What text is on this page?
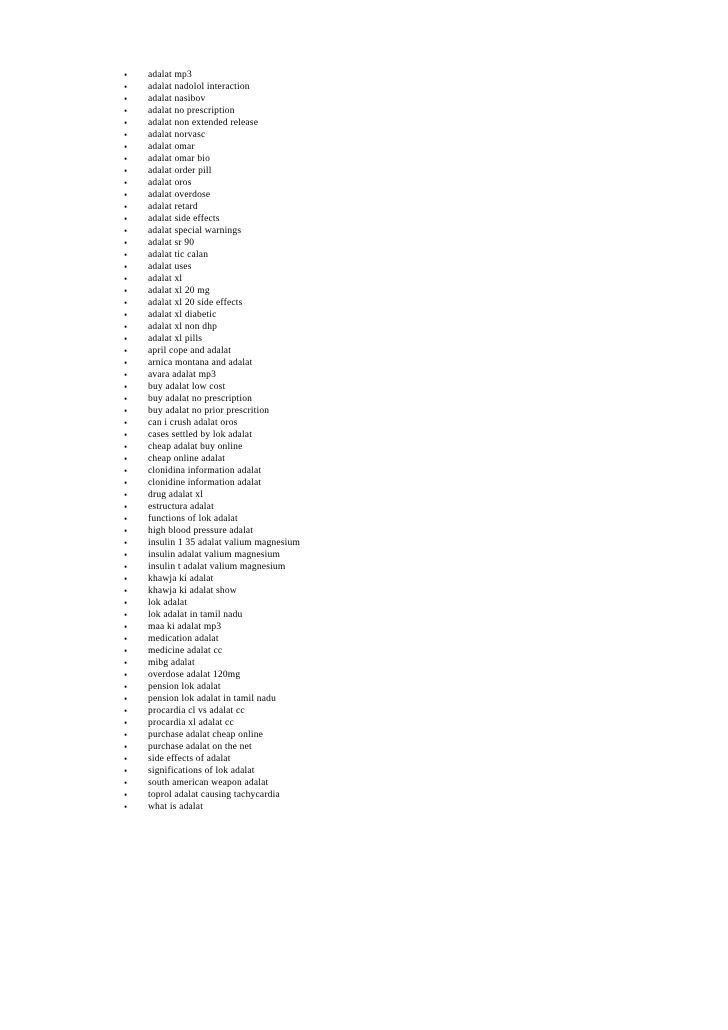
•	adalat mp3
•	adalat nadolol interaction
•	adalat nasibov
•	adalat no prescription
•	adalat non extended release
•	adalat norvasc
•	adalat omar
•	adalat omar bio
•	adalat order pill
•	adalat oros
•	adalat overdose
•	adalat retard
•	adalat side effects
•	adalat special warnings
•	adalat sr 90
•	adalat tic calan
•	adalat uses
•	adalat xl
•	adalat xl 20 mg
•	adalat xl 20 side effects
•	adalat xl diabetic
•	adalat xl non dhp
•	adalat xl pills
•	april cope and adalat
•	arnica montana and adalat
•	avara adalat mp3
•	buy adalat low cost
•	buy adalat no prescription
•	buy adalat no prior prescrition
•	can i crush adalat oros
•	cases settled by lok adalat
•	cheap adalat buy online
•	cheap online adalat
•	clonidina information adalat
•	clonidine information adalat
•	drug adalat xl
•	estructura adalat
•	functions of lok adalat
•	high blood pressure adalat
•	insulin 1 35 adalat valium magnesium
•	insulin adalat valium magnesium
•	insulin t adalat valium magnesium
•	khawja ki adalat
•	khawja ki adalat show
•	lok adalat
•	lok adalat in tamil nadu
•	maa ki adalat mp3
•	medication adalat
•	medicine adalat cc
•	mibg adalat
•	overdose adalat 120mg
•	pension lok adalat
•	pension lok adalat in tamil nadu
•	procardia cl vs adalat cc
•	procardia xl adalat cc
•	purchase adalat cheap online
•	purchase adalat on the net
•	side effects of adalat
•	significations of lok adalat
•	south american weapon adalat
•	toprol adalat causing tachycardia
•	what is adalat
